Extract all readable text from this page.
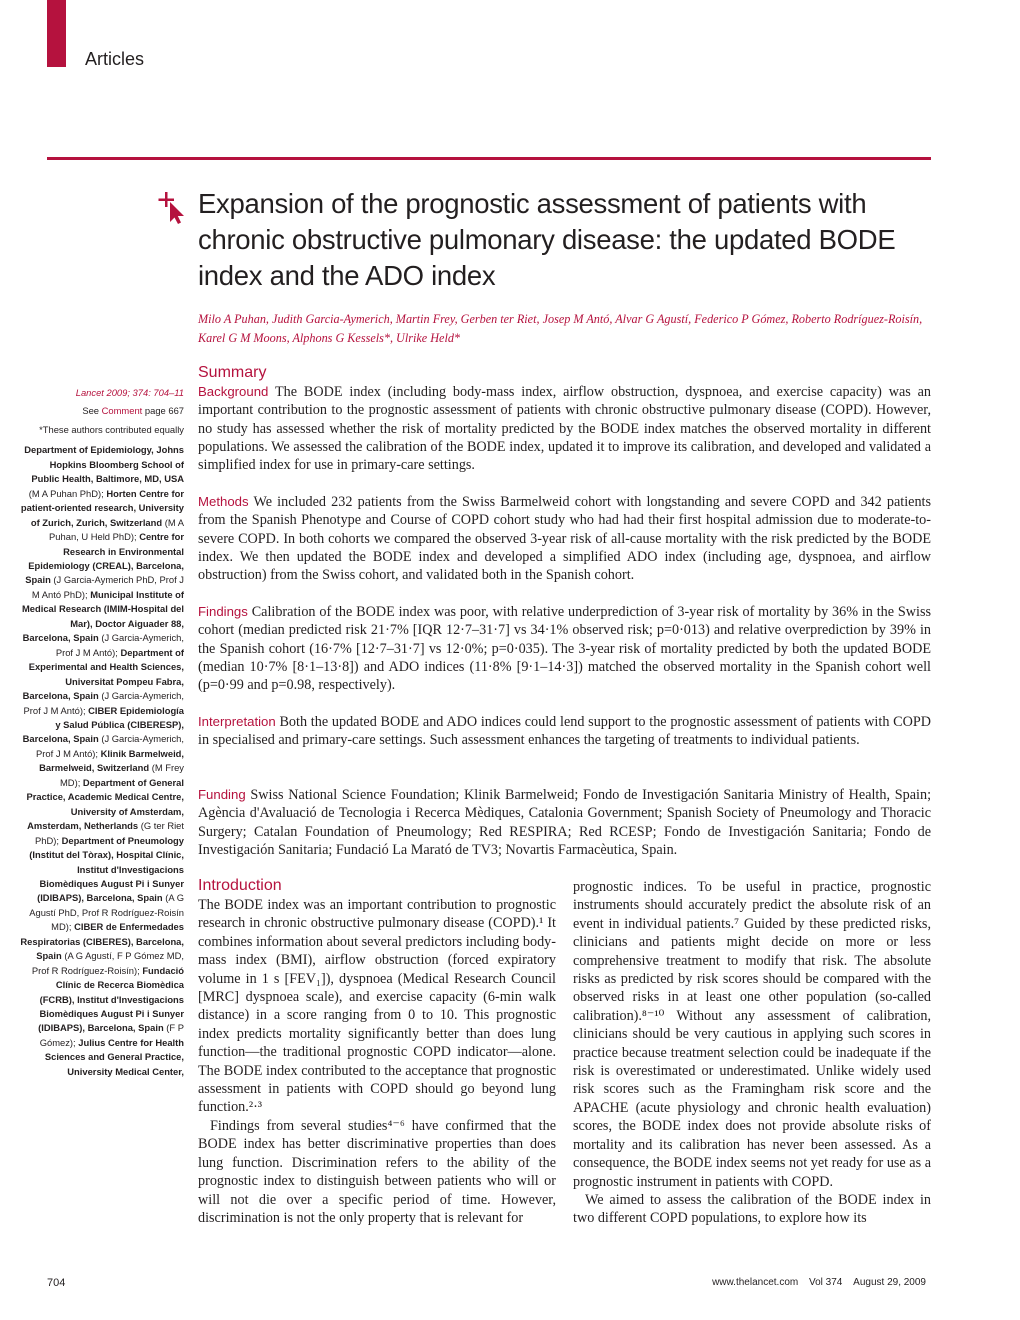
Articles
Expansion of the prognostic assessment of patients with chronic obstructive pulmonary disease: the updated BODE index and the ADO index
Milo A Puhan, Judith Garcia-Aymerich, Martin Frey, Gerben ter Riet, Josep M Antó, Alvar G Agustí, Federico P Gómez, Roberto Rodríguez-Roisín, Karel G M Moons, Alphons G Kessels*, Ulrike Held*
Lancet 2009; 374: 704–11
See Comment page 667
*These authors contributed equally
Department of Epidemiology, Johns Hopkins Bloomberg School of Public Health, Baltimore, MD, USA (M A Puhan PhD); Horten Centre for patient-oriented research, University of Zurich, Zurich, Switzerland (M A Puhan, U Held PhD); Centre for Research in Environmental Epidemiology (CREAL), Barcelona, Spain (J Garcia-Aymerich PhD, Prof J M Antó PhD); Municipal Institute of Medical Research (IMIM-Hospital del Mar), Doctor Aiguader 88, Barcelona, Spain (J Garcia-Aymerich, Prof J M Antó); Department of Experimental and Health Sciences, Universitat Pompeu Fabra, Barcelona, Spain (J Garcia-Aymerich, Prof J M Antó); CIBER Epidemiología y Salud Pública (CIBERESP), Barcelona, Spain (J Garcia-Aymerich, Prof J M Antó); Klinik Barmelweid, Barmelweid, Switzerland (M Frey MD); Department of General Practice, Academic Medical Centre, University of Amsterdam, Amsterdam, Netherlands (G ter Riet PhD); Department of Pneumology (Institut del Tòrax), Hospital Clínic, Institut d'Investigacions Biomèdiques August Pi i Sunyer (IDIBAPS), Barcelona, Spain (A G Agustí PhD, Prof R Rodríguez-Roisín MD); CIBER de Enfermedades Respiratorias (CIBERES), Barcelona, Spain (A G Agustí, F P Gómez MD, Prof R Rodríguez-Roisín); Fundació Clínic de Recerca Biomèdica (FCRB), Institut d'Investigacions Biomèdiques August Pi i Sunyer (IDIBAPS), Barcelona, Spain (F P Gómez); Julius Centre for Health Sciences and General Practice, University Medical Center,
Summary

Background The BODE index (including body-mass index, airflow obstruction, dyspnoea, and exercise capacity) was an important contribution to the prognostic assessment of patients with chronic obstructive pulmonary disease (COPD). However, no study has assessed whether the risk of mortality predicted by the BODE index matches the observed mortality in different populations. We assessed the calibration of the BODE index, updated it to improve its calibration, and developed and validated a simplified index for use in primary-care settings.

Methods We included 232 patients from the Swiss Barmelweid cohort with longstanding and severe COPD and 342 patients from the Spanish Phenotype and Course of COPD cohort study who had had their first hospital admission due to moderate-to-severe COPD. In both cohorts we compared the observed 3-year risk of all-cause mortality with the risk predicted by the BODE index. We then updated the BODE index and developed a simplified ADO index (including age, dyspnoea, and airflow obstruction) from the Swiss cohort, and validated both in the Spanish cohort.

Findings Calibration of the BODE index was poor, with relative underprediction of 3-year risk of mortality by 36% in the Swiss cohort (median predicted risk 21·7% [IQR 12·7–31·7] vs 34·1% observed risk; p=0·013) and relative overprediction by 39% in the Spanish cohort (16·7% [12·7–31·7] vs 12·0%; p=0·035). The 3-year risk of mortality predicted by both the updated BODE (median 10·7% [8·1–13·8]) and ADO indices (11·8% [9·1–14·3]) matched the observed mortality in the Spanish cohort well (p=0·99 and p=0.98, respectively).

Interpretation Both the updated BODE and ADO indices could lend support to the prognostic assessment of patients with COPD in specialised and primary-care settings. Such assessment enhances the targeting of treatments to individual patients.

Funding Swiss National Science Foundation; Klinik Barmelweid; Fondo de Investigación Sanitaria Ministry of Health, Spain; Agència d'Avaluació de Tecnologia i Recerca Mèdiques, Catalonia Government; Spanish Society of Pneumology and Thoracic Surgery; Catalan Foundation of Pneumology; Red RESPIRA; Red RCESP; Fondo de Investigación Sanitaria; Fondo de Investigación Sanitaria; Fundació La Marató de TV3; Novartis Farmacèutica, Spain.

Introduction

The BODE index was an important contribution to prognostic research in chronic obstructive pulmonary disease (COPD).¹ It combines information about several predictors including body-mass index (BMI), airflow obstruction (forced expiratory volume in 1 s [FEV₁]), dyspnoea (Medical Research Council [MRC] dyspnoea scale), and exercise capacity (6-min walk distance) in a score ranging from 0 to 10. This prognostic index predicts mortality significantly better than does lung function—the traditional prognostic COPD indicator—alone. The BODE index contributed to the acceptance that prognostic assessment in patients with COPD should go beyond lung function.²·³

Findings from several studies⁴⁻⁶ have confirmed that the BODE index has better discriminative properties than does lung function. Discrimination refers to the ability of the prognostic index to distinguish between patients who will or will not die over a specific period of time. However, discrimination is not the only property that is relevant for

prognostic indices. To be useful in practice, prognostic instruments should accurately predict the absolute risk of an event in individual patients.⁷ Guided by these predicted risks, clinicians and patients might decide on more or less comprehensive treatment to modify that risk. The absolute risks as predicted by risk scores should be compared with the observed risks in at least one other population (so-called calibration).⁸⁻¹⁰ Without any assessment of calibration, clinicians should be very cautious in applying such scores in practice because treatment selection could be inadequate if the risk is overestimated or underestimated. Unlike widely used risk scores such as the Framingham risk score and the APACHE (acute physiology and chronic health evaluation) scores, the BODE index does not provide absolute risks of mortality and its calibration has never been assessed. As a consequence, the BODE index seems not yet ready for use as a prognostic instrument in patients with COPD.

We aimed to assess the calibration of the BODE index in two different COPD populations, to explore how its

704	www.thelancet.com Vol 374 August 29, 2009
